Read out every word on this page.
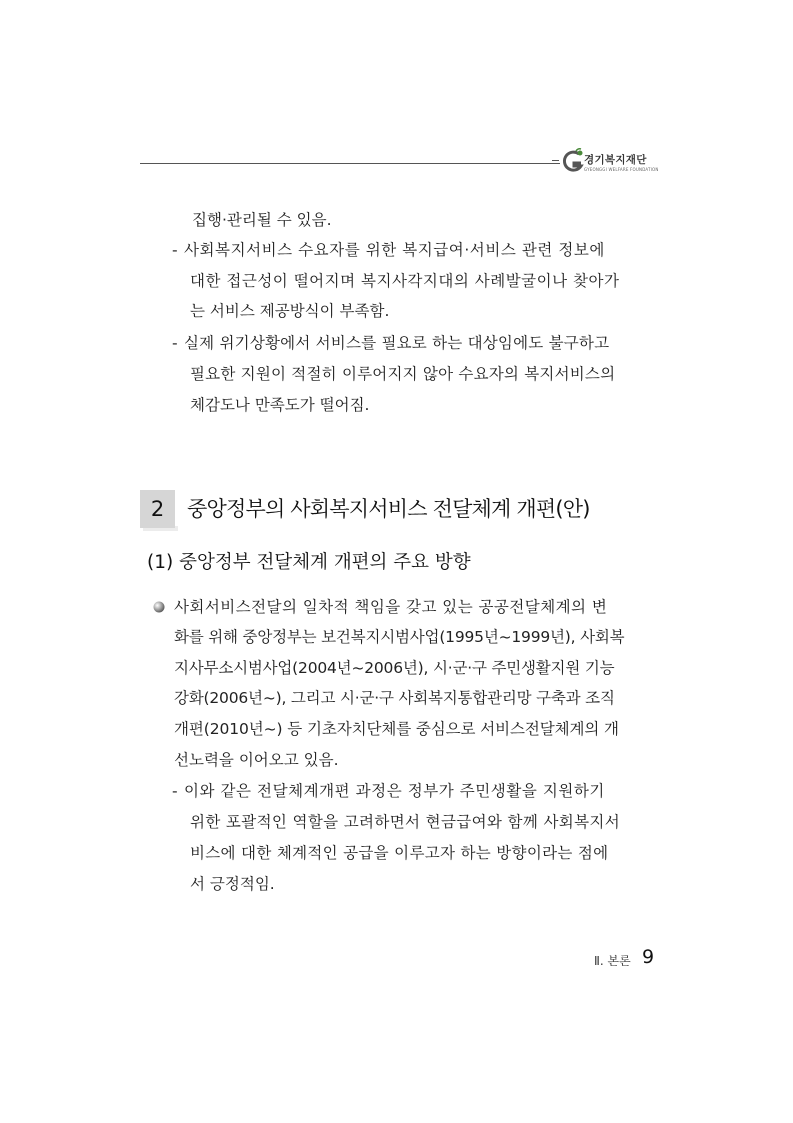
경기복지재단
GYEONGGI WELFARE FOUNDATION
집행·관리될 수 있음.
- 사회복지서비스 수요자를 위한 복지급여·서비스 관련 정보에
대한 접근성이 떨어지며 복지사각지대의 사례발굴이나 찾아가
는 서비스 제공방식이 부족함.
- 실제 위기상황에서 서비스를 필요로 하는 대상임에도 불구하고
필요한 지원이 적절히 이루어지지 않아 수요자의 복지서비스의
체감도나 만족도가 떨어짐.
2	중앙정부의 사회복지서비스 전달체계 개편(안)
(1) 중앙정부 전달체계 개편의 주요 방향
사회서비스전달의 일차적 책임을 갖고 있는 공공전달체계의 변
화를 위해 중앙정부는 보건복지시범사업(1995년~1999년), 사회복
지사무소시범사업(2004년~2006년), 시·군·구 주민생활지원 기능
강화(2006년~), 그리고 시·군·구 사회복지통합관리망 구축과 조직
개편(2010년~) 등 기초자치단체를 중심으로 서비스전달체계의 개
선노력을 이어오고 있음.
- 이와 같은 전달체계개편 과정은 정부가 주민생활을 지원하기
위한 포괄적인 역할을 고려하면서 현금급여와 함께 사회복지서
비스에 대한 체계적인 공급을 이루고자 하는 방향이라는 점에
서 긍정적임.
Ⅱ. 본론 9
